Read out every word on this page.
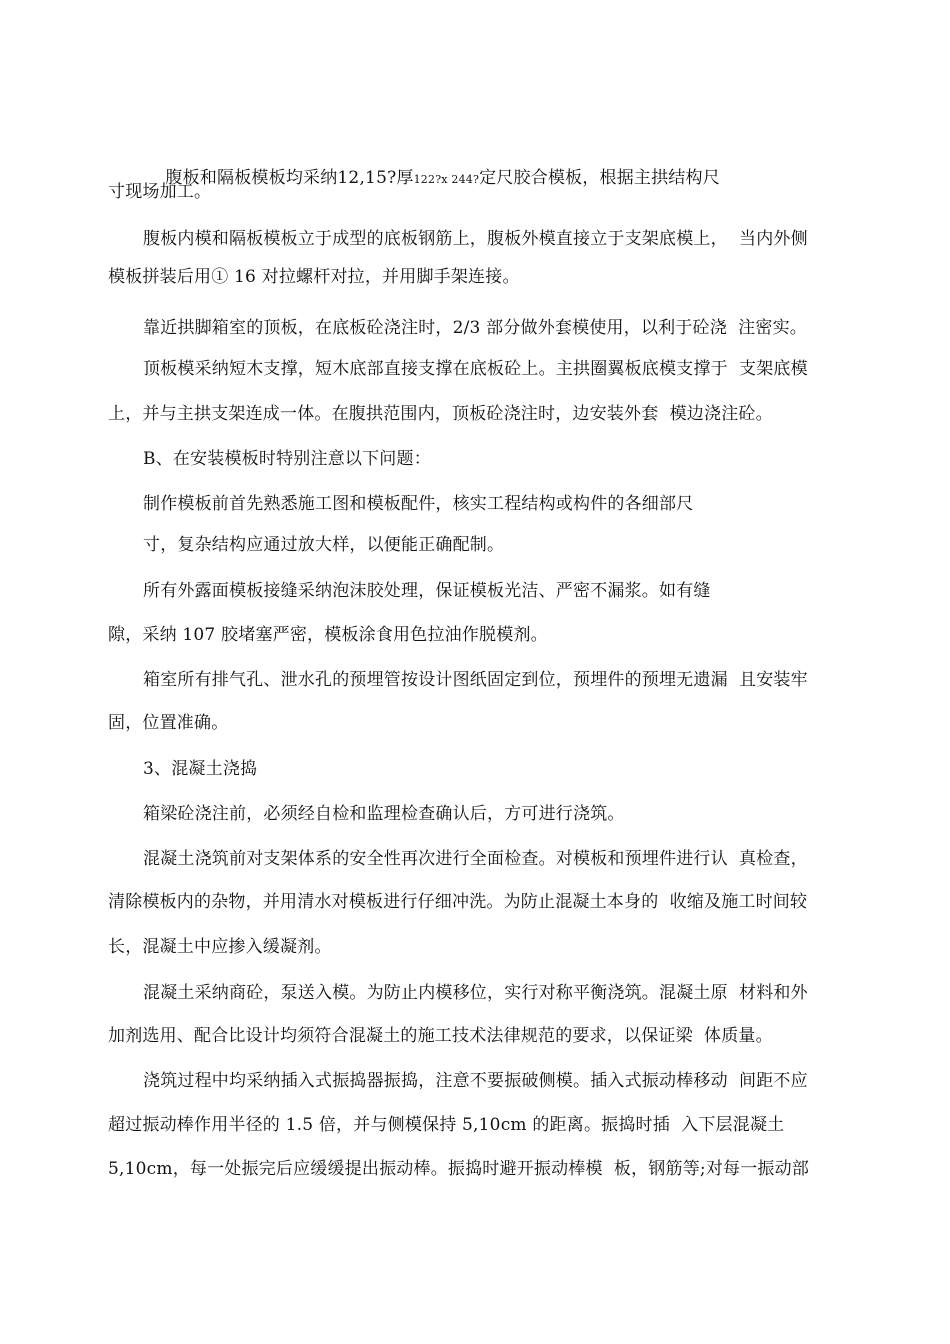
腹板和隔板模板均采纳12,15?厚122?x 244?定尺胶合模板，根据主拱结构尺

寸现场加工。
腹板内模和隔板模板立于成型的底板钢筋上，腹板外模直接立于支架底模上，  当内外侧
模板拼装后用① 16 对拉螺杆对拉，并用脚手架连接。
靠近拱脚箱室的顶板，在底板砼浇注时，2/3 部分做外套模使用，以利于砼浇  注密实。
顶板模采纳短木支撑，短木底部直接支撑在底板砼上。主拱圈翼板底模支撑于  支架底模
上，并与主拱支架连成一体。在腹拱范围内，顶板砼浇注时，边安装外套  模边浇注砼。
B、在安装模板时特别注意以下问题：
制作模板前首先熟悉施工图和模板配件，核实工程结构或构件的各细部尺
寸，复杂结构应通过放大样，以便能正确配制。
所有外露面模板接缝采纳泡沫胶处理，保证模板光洁、严密不漏浆。如有缝
隙，采纳 107 胶堵塞严密，模板涂食用色拉油作脱模剂。
箱室所有排气孔、泄水孔的预埋管按设计图纸固定到位，预埋件的预埋无遗漏  且安装牢
固，位置准确。
3、混凝土浇捣
箱梁砼浇注前，必须经自检和监理检查确认后，方可进行浇筑。
混凝土浇筑前对支架体系的安全性再次进行全面检查。对模板和预埋件进行认  真检查，
清除模板内的杂物，并用清水对模板进行仔细冲洗。为防止混凝土本身的  收缩及施工时间较
长，混凝土中应掺入缓凝剂。
混凝土采纳商砼，泵送入模。为防止内模移位，实行对称平衡浇筑。混凝土原  材料和外
加剂选用、配合比设计均须符合混凝土的施工技术法律规范的要求，以保证梁  体质量。
浇筑过程中均采纳插入式振捣器振捣，注意不要振破侧模。插入式振动棒移动  间距不应
超过振动棒作用半径的 1.5 倍，并与侧模保持 5,10cm 的距离。振捣时插  入下层混凝土
5,10cm，每一处振完后应缓缓提出振动棒。振捣时避开振动棒模  板，钢筋等;对每一振动部
